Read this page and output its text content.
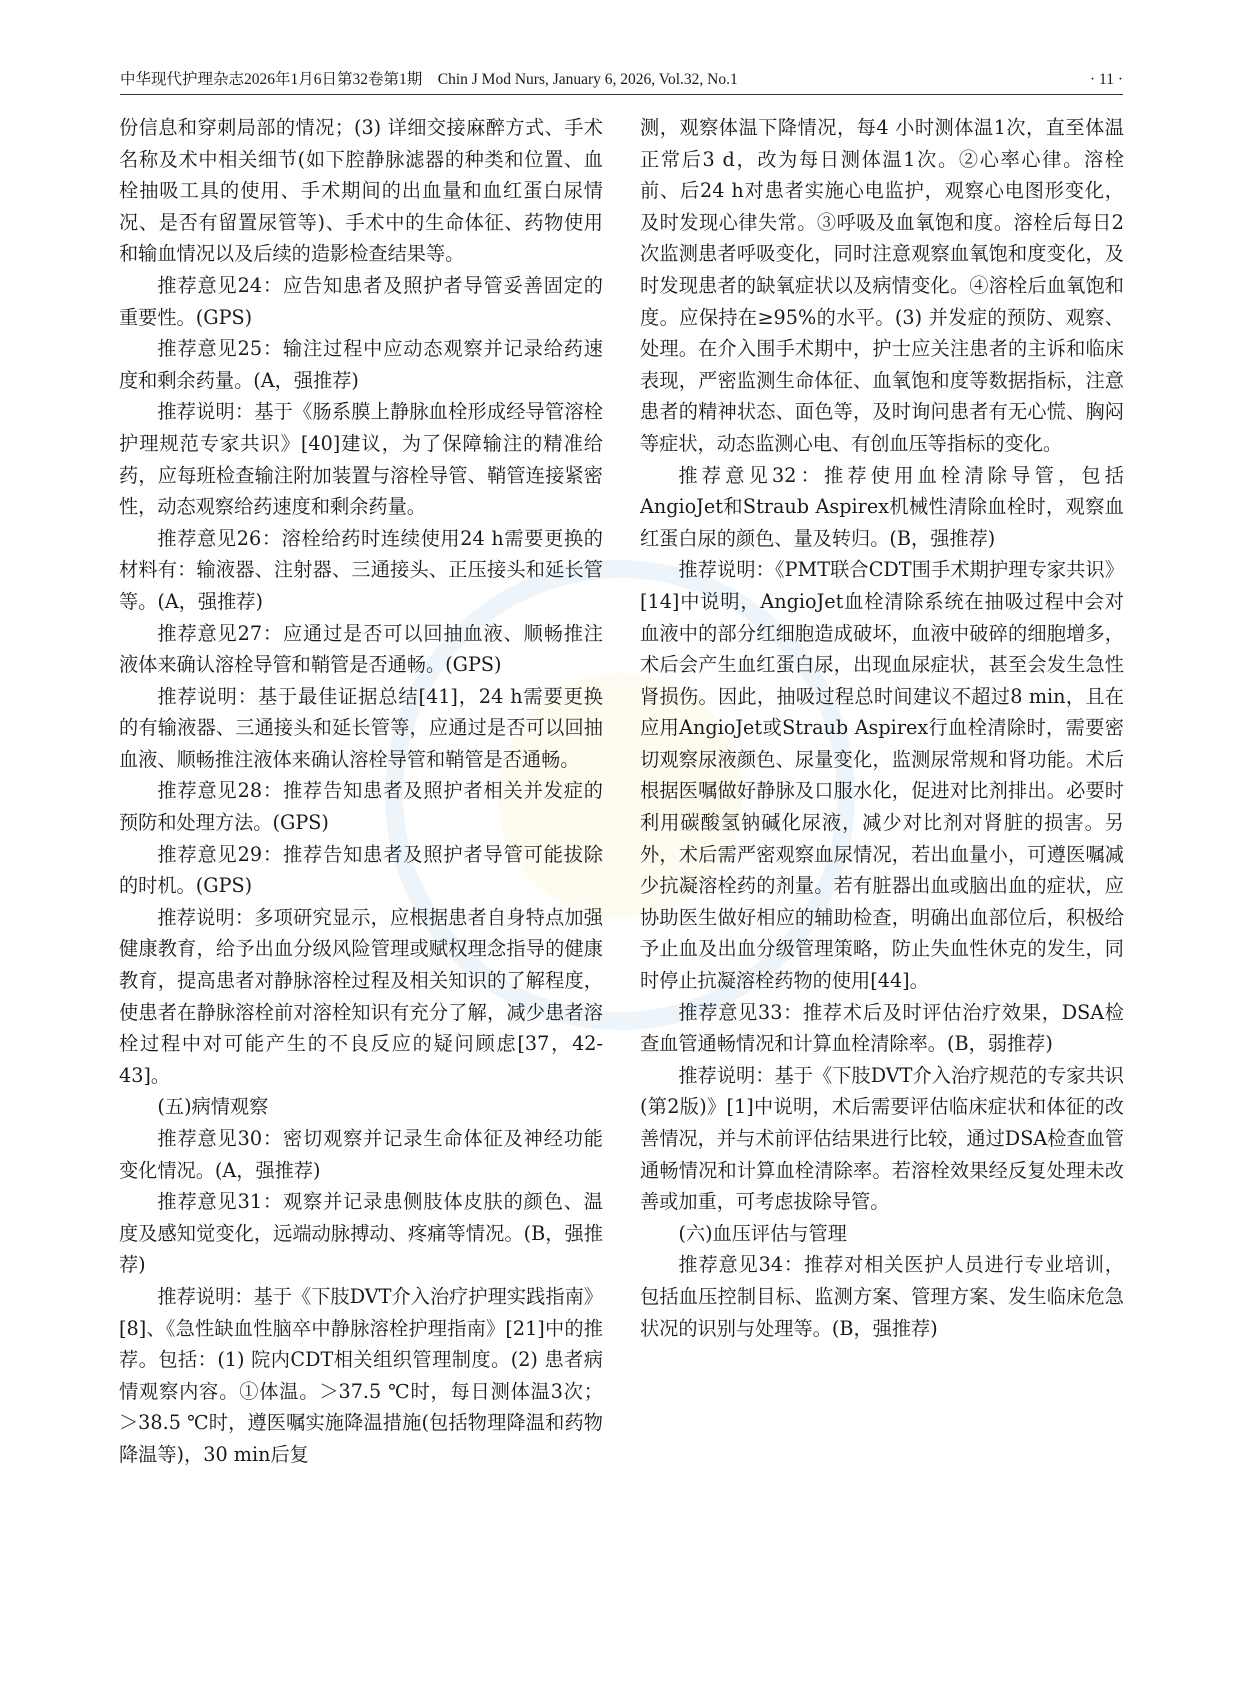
中华现代护理杂志2026年1月6日第32卷第1期　Chin J Mod Nurs, January 6, 2026, Vol.32, No.1	· 11 ·

份信息和穿刺局部的情况；(3) 详细交接麻醉方式、手术名称及术中相关细节(如下腔静脉滤器的种类和位置、血栓抽吸工具的使用、手术期间的出血量和血红蛋白尿情况、是否有留置尿管等)、手术中的生命体征、药物使用和输血情况以及后续的造影检查结果等。

推荐意见24：应告知患者及照护者导管妥善固定的重要性。(GPS)

推荐意见25：输注过程中应动态观察并记录给药速度和剩余药量。(A，强推荐)

推荐说明：基于《肠系膜上静脉血栓形成经导管溶栓护理规范专家共识》[40]建议，为了保障输注的精准给药，应每班检查输注附加装置与溶栓导管、鞘管连接紧密性，动态观察给药速度和剩余药量。

推荐意见26：溶栓给药时连续使用24 h需要更换的材料有：输液器、注射器、三通接头、正压接头和延长管等。(A，强推荐)

推荐意见27：应通过是否可以回抽血液、顺畅推注液体来确认溶栓导管和鞘管是否通畅。(GPS)

推荐说明：基于最佳证据总结[41]，24 h需要更换的有输液器、三通接头和延长管等，应通过是否可以回抽血液、顺畅推注液体来确认溶栓导管和鞘管是否通畅。

推荐意见28：推荐告知患者及照护者相关并发症的预防和处理方法。(GPS)

推荐意见29：推荐告知患者及照护者导管可能拔除的时机。(GPS)

推荐说明：多项研究显示，应根据患者自身特点加强健康教育，给予出血分级风险管理或赋权理念指导的健康教育，提高患者对静脉溶栓过程及相关知识的了解程度，使患者在静脉溶栓前对溶栓知识有充分了解，减少患者溶栓过程中对可能产生的不良反应的疑问顾虑[37，42-43]。

(五)病情观察

推荐意见30：密切观察并记录生命体征及神经功能变化情况。(A，强推荐)

推荐意见31：观察并记录患侧肢体皮肤的颜色、温度及感知觉变化，远端动脉搏动、疼痛等情况。(B，强推荐)

推荐说明：基于《下肢DVT介入治疗护理实践指南》[8]、《急性缺血性脑卒中静脉溶栓护理指南》[21]中的推荐。包括：(1) 院内CDT相关组织管理制度。(2) 患者病情观察内容。①体温。＞37.5 ℃时，每日测体温3次；＞38.5 ℃时，遵医嘱实施降温措施(包括物理降温和药物降温等)，30 min后复

测，观察体温下降情况，每4 小时测体温1次，直至体温正常后3 d，改为每日测体温1次。②心率心律。溶栓前、后24 h对患者实施心电监护，观察心电图形变化，及时发现心律失常。③呼吸及血氧饱和度。溶栓后每日2次监测患者呼吸变化，同时注意观察血氧饱和度变化，及时发现患者的缺氧症状以及病情变化。④溶栓后血氧饱和度。应保持在≥95%的水平。(3) 并发症的预防、观察、处理。在介入围手术期中，护士应关注患者的主诉和临床表现，严密监测生命体征、血氧饱和度等数据指标，注意患者的精神状态、面色等，及时询问患者有无心慌、胸闷等症状，动态监测心电、有创血压等指标的变化。

推荐意见32：推荐使用血栓清除导管，包括AngioJet和Straub Aspirex机械性清除血栓时，观察血红蛋白尿的颜色、量及转归。(B，强推荐)

推荐说明：《PMT联合CDT围手术期护理专家共识》[14]中说明，AngioJet血栓清除系统在抽吸过程中会对血液中的部分红细胞造成破坏，血液中破碎的细胞增多，术后会产生血红蛋白尿，出现血尿症状，甚至会发生急性肾损伤。因此，抽吸过程总时间建议不超过8 min，且在应用AngioJet或Straub Aspirex行血栓清除时，需要密切观察尿液颜色、尿量变化，监测尿常规和肾功能。术后根据医嘱做好静脉及口服水化，促进对比剂排出。必要时利用碳酸氢钠碱化尿液，减少对比剂对肾脏的损害。另外，术后需严密观察血尿情况，若出血量小，可遵医嘱减少抗凝溶栓药的剂量。若有脏器出血或脑出血的症状，应协助医生做好相应的辅助检查，明确出血部位后，积极给予止血及出血分级管理策略，防止失血性休克的发生，同时停止抗凝溶栓药物的使用[44]。

推荐意见33：推荐术后及时评估治疗效果，DSA检查血管通畅情况和计算血栓清除率。(B，弱推荐)

推荐说明：基于《下肢DVT介入治疗规范的专家共识(第2版)》[1]中说明，术后需要评估临床症状和体征的改善情况，并与术前评估结果进行比较，通过DSA检查血管通畅情况和计算血栓清除率。若溶栓效果经反复处理未改善或加重，可考虑拔除导管。

(六)血压评估与管理

推荐意见34：推荐对相关医护人员进行专业培训，包括血压控制目标、监测方案、管理方案、发生临床危急状况的识别与处理等。(B，强推荐)
